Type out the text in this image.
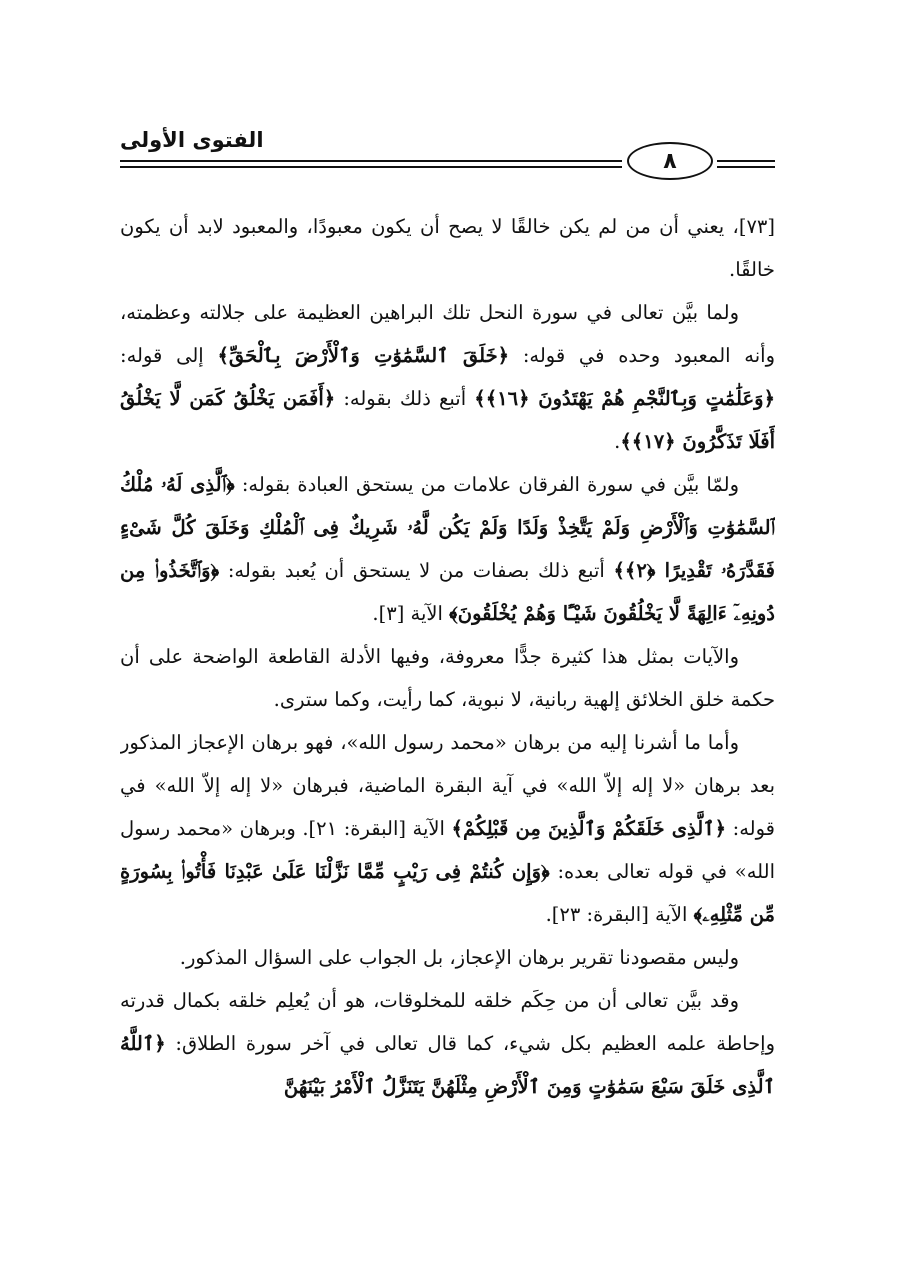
الفتوى الأولى
٨

[٧٣]، يعني أن من لم يكن خالقًا لا يصح أن يكون معبودًا، والمعبود لابد أن يكون خالقًا.

ولما بيَّن تعالى في سورة النحل تلك البراهين العظيمة على جلالته وعظمته، وأنه المعبود وحده في قوله: ﴿خَلَقَ ٱلسَّمَٰوَٰتِ وَٱلْأَرْضَ بِٱلْحَقِّ﴾ إلى قوله: ﴿وَعَلَٰمَٰتٍ وَبِٱلنَّجْمِ هُمْ يَهْتَدُونَ ﴿١٦﴾﴾ أتبع ذلك بقوله: ﴿أَفَمَن يَخْلُقُ كَمَن لَّا يَخْلُقُ أَفَلَا تَذَكَّرُونَ ﴿١٧﴾﴾.

ولمّا بيَّن في سورة الفرقان علامات من يستحق العبادة بقوله: ﴿ٱلَّذِى لَهُۥ مُلْكُ ٱلسَّمَٰوَٰتِ وَٱلْأَرْضِ وَلَمْ يَتَّخِذْ وَلَدًا وَلَمْ يَكُن لَّهُۥ شَرِيكٌ فِى ٱلْمُلْكِ وَخَلَقَ كُلَّ شَىْءٍ فَقَدَّرَهُۥ تَقْدِيرًا ﴿٢﴾﴾ أتبع ذلك بصفات من لا يستحق أن يُعبد بقوله: ﴿وَٱتَّخَذُوا۟ مِن دُونِهِۦٓ ءَالِهَةً لَّا يَخْلُقُونَ شَيْـًٔا وَهُمْ يُخْلَقُونَ﴾ الآية [٣].

والآيات بمثل هذا كثيرة جدًّا معروفة، وفيها الأدلة القاطعة الواضحة على أن حكمة خلق الخلائق إلهية ربانية، لا نبوية، كما رأيت، وكما سترى.

وأما ما أشرنا إليه من برهان «محمد رسول الله»، فهو برهان الإعجاز المذكور بعد برهان «لا إله إلاّ الله» في آية البقرة الماضية، فبرهان «لا إله إلاّ الله» في قوله: ﴿ٱلَّذِى خَلَقَكُمْ وَٱلَّذِينَ مِن قَبْلِكُمْ﴾ الآية [البقرة: ٢١]. وبرهان «محمد رسول الله» في قوله تعالى بعده: ﴿وَإِن كُنتُمْ فِى رَيْبٍ مِّمَّا نَزَّلْنَا عَلَىٰ عَبْدِنَا فَأْتُوا۟ بِسُورَةٍ مِّن مِّثْلِهِۦ﴾ الآية [البقرة: ٢٣].

وليس مقصودنا تقرير برهان الإعجاز، بل الجواب على السؤال المذكور.

وقد بيَّن تعالى أن من حِكَم خلقه للمخلوقات، هو أن يُعلِم خلقه بكمال قدرته وإحاطة علمه العظيم بكل شيء، كما قال تعالى في آخر سورة الطلاق: ﴿ٱللَّهُ ٱلَّذِى خَلَقَ سَبْعَ سَمَٰوَٰتٍ وَمِنَ ٱلْأَرْضِ مِثْلَهُنَّ يَتَنَزَّلُ ٱلْأَمْرُ بَيْنَهُنَّ
